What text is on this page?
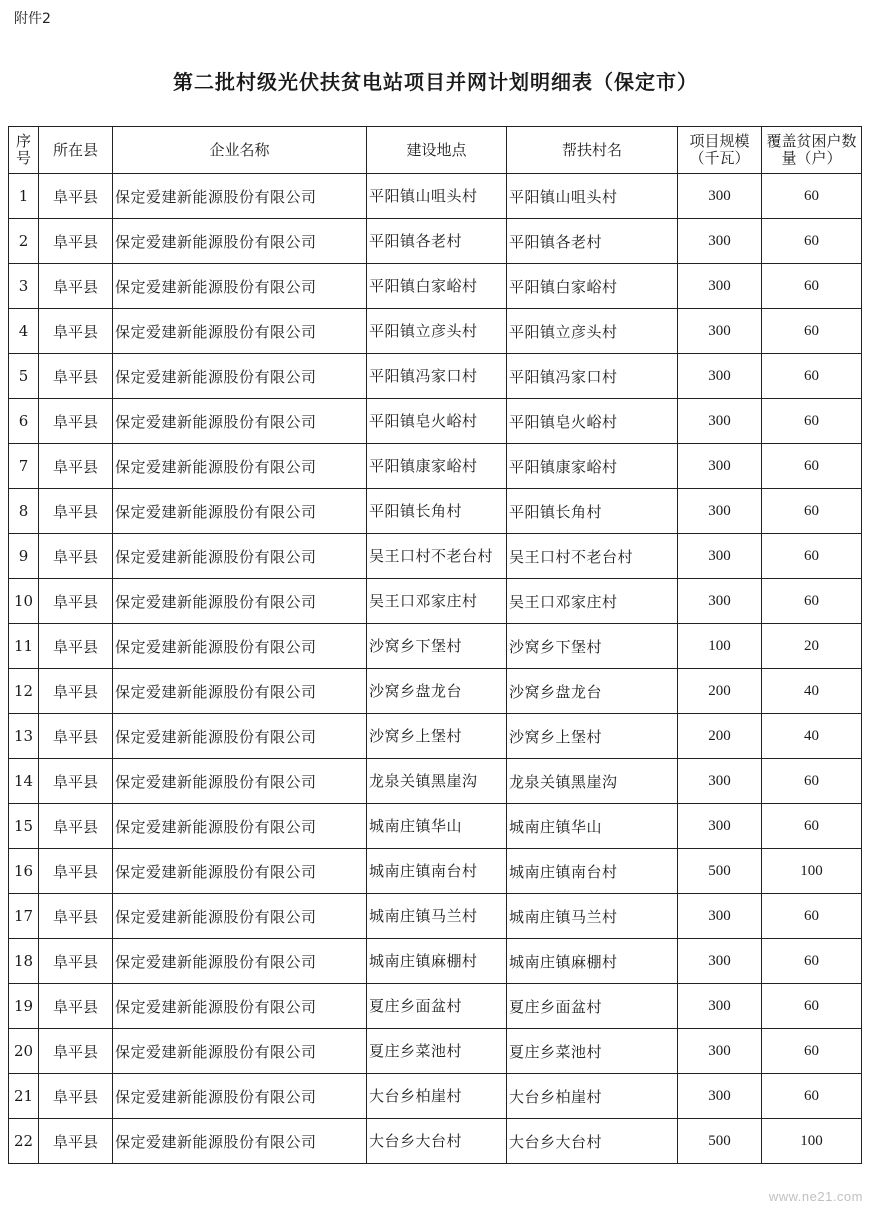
附件2
第二批村级光伏扶贫电站项目并网计划明细表（保定市）
序号	所在县	企业名称	建设地点	帮扶村名	项目规模（千瓦）	覆盖贫困户数量（户）
1	阜平县	保定爱建新能源股份有限公司	平阳镇山咀头村	平阳镇山咀头村	300	60
2	阜平县	保定爱建新能源股份有限公司	平阳镇各老村	平阳镇各老村	300	60
3	阜平县	保定爱建新能源股份有限公司	平阳镇白家峪村	平阳镇白家峪村	300	60
4	阜平县	保定爱建新能源股份有限公司	平阳镇立彦头村	平阳镇立彦头村	300	60
5	阜平县	保定爱建新能源股份有限公司	平阳镇冯家口村	平阳镇冯家口村	300	60
6	阜平县	保定爱建新能源股份有限公司	平阳镇皂火峪村	平阳镇皂火峪村	300	60
7	阜平县	保定爱建新能源股份有限公司	平阳镇康家峪村	平阳镇康家峪村	300	60
8	阜平县	保定爱建新能源股份有限公司	平阳镇长角村	平阳镇长角村	300	60
9	阜平县	保定爱建新能源股份有限公司	吴王口村不老台村	吴王口村不老台村	300	60
10	阜平县	保定爱建新能源股份有限公司	吴王口邓家庄村	吴王口邓家庄村	300	60
11	阜平县	保定爱建新能源股份有限公司	沙窝乡下堡村	沙窝乡下堡村	100	20
12	阜平县	保定爱建新能源股份有限公司	沙窝乡盘龙台	沙窝乡盘龙台	200	40
13	阜平县	保定爱建新能源股份有限公司	沙窝乡上堡村	沙窝乡上堡村	200	40
14	阜平县	保定爱建新能源股份有限公司	龙泉关镇黑崖沟	龙泉关镇黑崖沟	300	60
15	阜平县	保定爱建新能源股份有限公司	城南庄镇华山	城南庄镇华山	300	60
16	阜平县	保定爱建新能源股份有限公司	城南庄镇南台村	城南庄镇南台村	500	100
17	阜平县	保定爱建新能源股份有限公司	城南庄镇马兰村	城南庄镇马兰村	300	60
18	阜平县	保定爱建新能源股份有限公司	城南庄镇麻棚村	城南庄镇麻棚村	300	60
19	阜平县	保定爱建新能源股份有限公司	夏庄乡面盆村	夏庄乡面盆村	300	60
20	阜平县	保定爱建新能源股份有限公司	夏庄乡菜池村	夏庄乡菜池村	300	60
21	阜平县	保定爱建新能源股份有限公司	大台乡柏崖村	大台乡柏崖村	300	60
22	阜平县	保定爱建新能源股份有限公司	大台乡大台村	大台乡大台村	500	100
www.ne21.com
